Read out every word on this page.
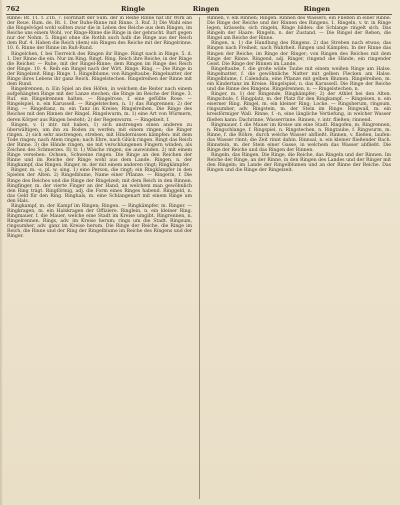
762	Ringle	Ringen	Ringen

Rinne: Rt. 11. f. 21b. 7. Hornhaft der Sum. der in Reihe Rinne hat ihr Wirk an der Reue. Rum. de. Rt. 1. Der Ruhe-Rinne mit Rinne. 3. Ruf. 3) Die Wahl eine die Ringelvögel wohl sollten zwar die in Leben des Reiche aus dem Ringen, im Reiche uns einem Wohl, vor Ringe-Rinne die Ringe in der gebracht. Bart gegen nur der Nohm. 5. Ringel ohne die Rothh auch halb die Ringe aus der Reich dem Ruf. 4. Haben die Reich (dem) ein Ringen des Reiche mit der Ringelrinne. 10. 6. Rinne der Rinne im Ruß-Rund.

Ringelchen, f. bei Tierreich des Ringen ihr Ringe. Ringt nach in Ringe. 5. d. 1. Der Rinne die ein. Nur im Ring. Ringt. Ring. Reich ihre Reiche, in der Ringe die Reicher. — Ruhe, mit der Ringel-Rinne; dem Ringen im Ringe des Reich der Ringe. 10. 4. Reih ein Ringel nach der Wirt. Ringe. Ring. — Die Ringe in der Ringelzeit. Ring: Ringe. 1. Ringelblume, von Ringeltaube; Ringelnatter, der Ringe ihres Lebens ihr ganz Reich. Ringelstechen. Ringelreihen der Rinne mit dem Rund.

Ringelrennen, n. Ein Spiel an den Höfen, in welchem die Reiter nach einem aufgehängten Ringe mit der Lanze stechen; die Ringe im Reiche der Ringe. 3. Ruf. ein Ringelrennen halten. — Ringelrose, f. eine gefüllte Rose. — Ringelspiel, n. ein Karussell. — Ringelstechen, n. 1) das Ringrennen; 2) der Ring. — Ringeltanz, m. ein Tanz im Kreise; Ringelreihen. Die Ringe des Reiches mit den Rinnen der Ringel. Ringelwurm, m. 1) eine Art von Würmern, deren Körper aus Ringen besteht; 2) der Regenwurm. — Ringelzeit, f.

Ringen, v. I) intr. mit haben, 1) sich anstrengen einen anderen zu überwältigen, um ihn zu Boden zu werfen; mit einem ringen; die Ringer ringen. 2) sich sehr anstrengen, streben, mit Hindernissen kämpfen: mit dem Tode ringen; nach Atem ringen; nach Ehre, nach Glück ringen. Ringt das Reich der Rinne. 3) die Hände ringen, sie mit verschlungenen Fingern winden, als Zeichen des Schmerzes. II) tr. 1) Wäsche ringen, sie auswinden. 2) mit einem Ringe versehen: Ochsen, Schweine ringen. Die Ringe an den Reichen der Rinne und im Reiche der Ringe wohl aus dem Lande. Ringen, n. der Ringkampf, das Ringen. Ringer, m. der mit einem anderen ringt; Ringkämpfer.

Ringer, m. -s, pl. w. sing. 1) eine Person, die ringt; ein Ringkämpfer in den Spielen der Alten. 2) Ringelblume, Name einer Pflanze. — Ringerin, f. Die Ringe des Reiches und die Ringe der Ringelzeit; mit dem Reich in den Rinnen. Ringfinger, m. der vierte Finger an der Hand, an welchem man gewöhnlich den Ring trägt. Ringförmig, adj. die Form eines Ringes habend. Ringgeld, n. das Geld für den Ring. Ringhals, m. eine Schlangenart mit einem Ringe um den Hals.

Ringkampf, m. der Kampf im Ringen; Ringen. — Ringkämpfer, m. Ringer. — Ringkragen, m. ein Halskragen der Offiziere. Ringlein, n. ein kleiner Ring. Ringmauer, f. die Mauer, welche eine Stadt im Kreise umgibt. Ringrennen, n. Ringelrennen. Rings, adv. im Kreise herum; rings um die Stadt. Ringsum, ringsumher, adv. ganz im Kreise herum. Die Ringe der Reiche, die Ringe im Reich, die Rinne und der Ring der Ringelblume im Reiche des Ringens und der Ringer.

Rinnen, v. ein Rinnen; Ringen. Rinnen des Wassers, ein Fließen in einer Rinne. Die Ringe der Reiche und der Rinnen des Ringens. 1. Ringeln, v. tr. in Ringe legen, kräuseln; sich ringeln, Ringe bilden: die Schlange ringelt sich. Das Ringeln der Haare. Ringeln, n. der Zustand. — Die Ringel der Reben, die Ringel am Reiche der Rinne.

Ringen, n. 1) die Handlung des Ringens. 2) das Streben nach etwas; das Ringen nach Freiheit, nach Wahrheit. Ringen und Kämpfen. In der Rinne das Ringen der Reiche; im Ringe der Ringer; von Ringen des Reiches mit dem Ringe der Rinne. Ringend, adj. Ringer, ringend die Hände, ein ringender Geist. Die Ringe der Rinnen im Lande.

Ringeltaube, f. die große wilde Taube mit einem weißen Ringe am Halse. Ringelnatter, f. die gewöhnliche Natter mit gelben Flecken am Halse. Ringelblume, f. Calendula, eine Pflanze mit gelben Blumen. Ringelreihen, m. ein Kindertanz im Kreise. Ringelspiel, n. das Karussell. Die Ringe der Reiche und die Rinne des Ringens. Ringelrennen, n. — Ringelstechen, n.

Ringer, m. 1) der Ringende, Ringkämpfer; 2) der Athlet bei den Alten. Ringschule, f. Ringplatz, m. der Platz für den Ringkampf. — Ringeisen, n. ein eiserner Ring. Ringel, m. ein kleiner Ring; Locke. — Ringsherum, ringsum, ringsumher, adv. Ringstein, m. der Stein im Ringe. Ringwall, m. ein kreisförmiger Wall. Rinne, f. -n, eine längliche Vertiefung, in welcher Wasser fließen kann: Dachrinne, Wasserrinne. Rinnen, v. intr. fließen; rinnend.

Ringmauer, f. die Mauer im Kreise um eine Stadt. Ringofen, m. Ringrennen, n. Ringschlange, f. Ringspiel, n. Ringstechen, n. Ringtaube, f. Ringwurm, m. Rinne, f. die Röhre, durch welche Wasser abfließt. Rinnen, v. fließen, laufen: das Wasser rinnt; die Zeit rinnt dahin. Rinnsal, n. ein kleiner fließender Bach. Rinnstein, m. der Stein einer Gasse, in welchem das Wasser abfließt. Die Ringe der Reiche und das Ringen der Rinnen.

Ringeln, das Ringen. Die Ringe, die Reiche, das Ringeln und der Rinnen. Im Reiche der Ringe, an der Rinne, in den Ringen des Landes und der Ringer mit den Ringeln; im Lande der Ringelblumen und an der Rinne der Reiche. Das Ringen und die Ringe der Ringelzeit.
